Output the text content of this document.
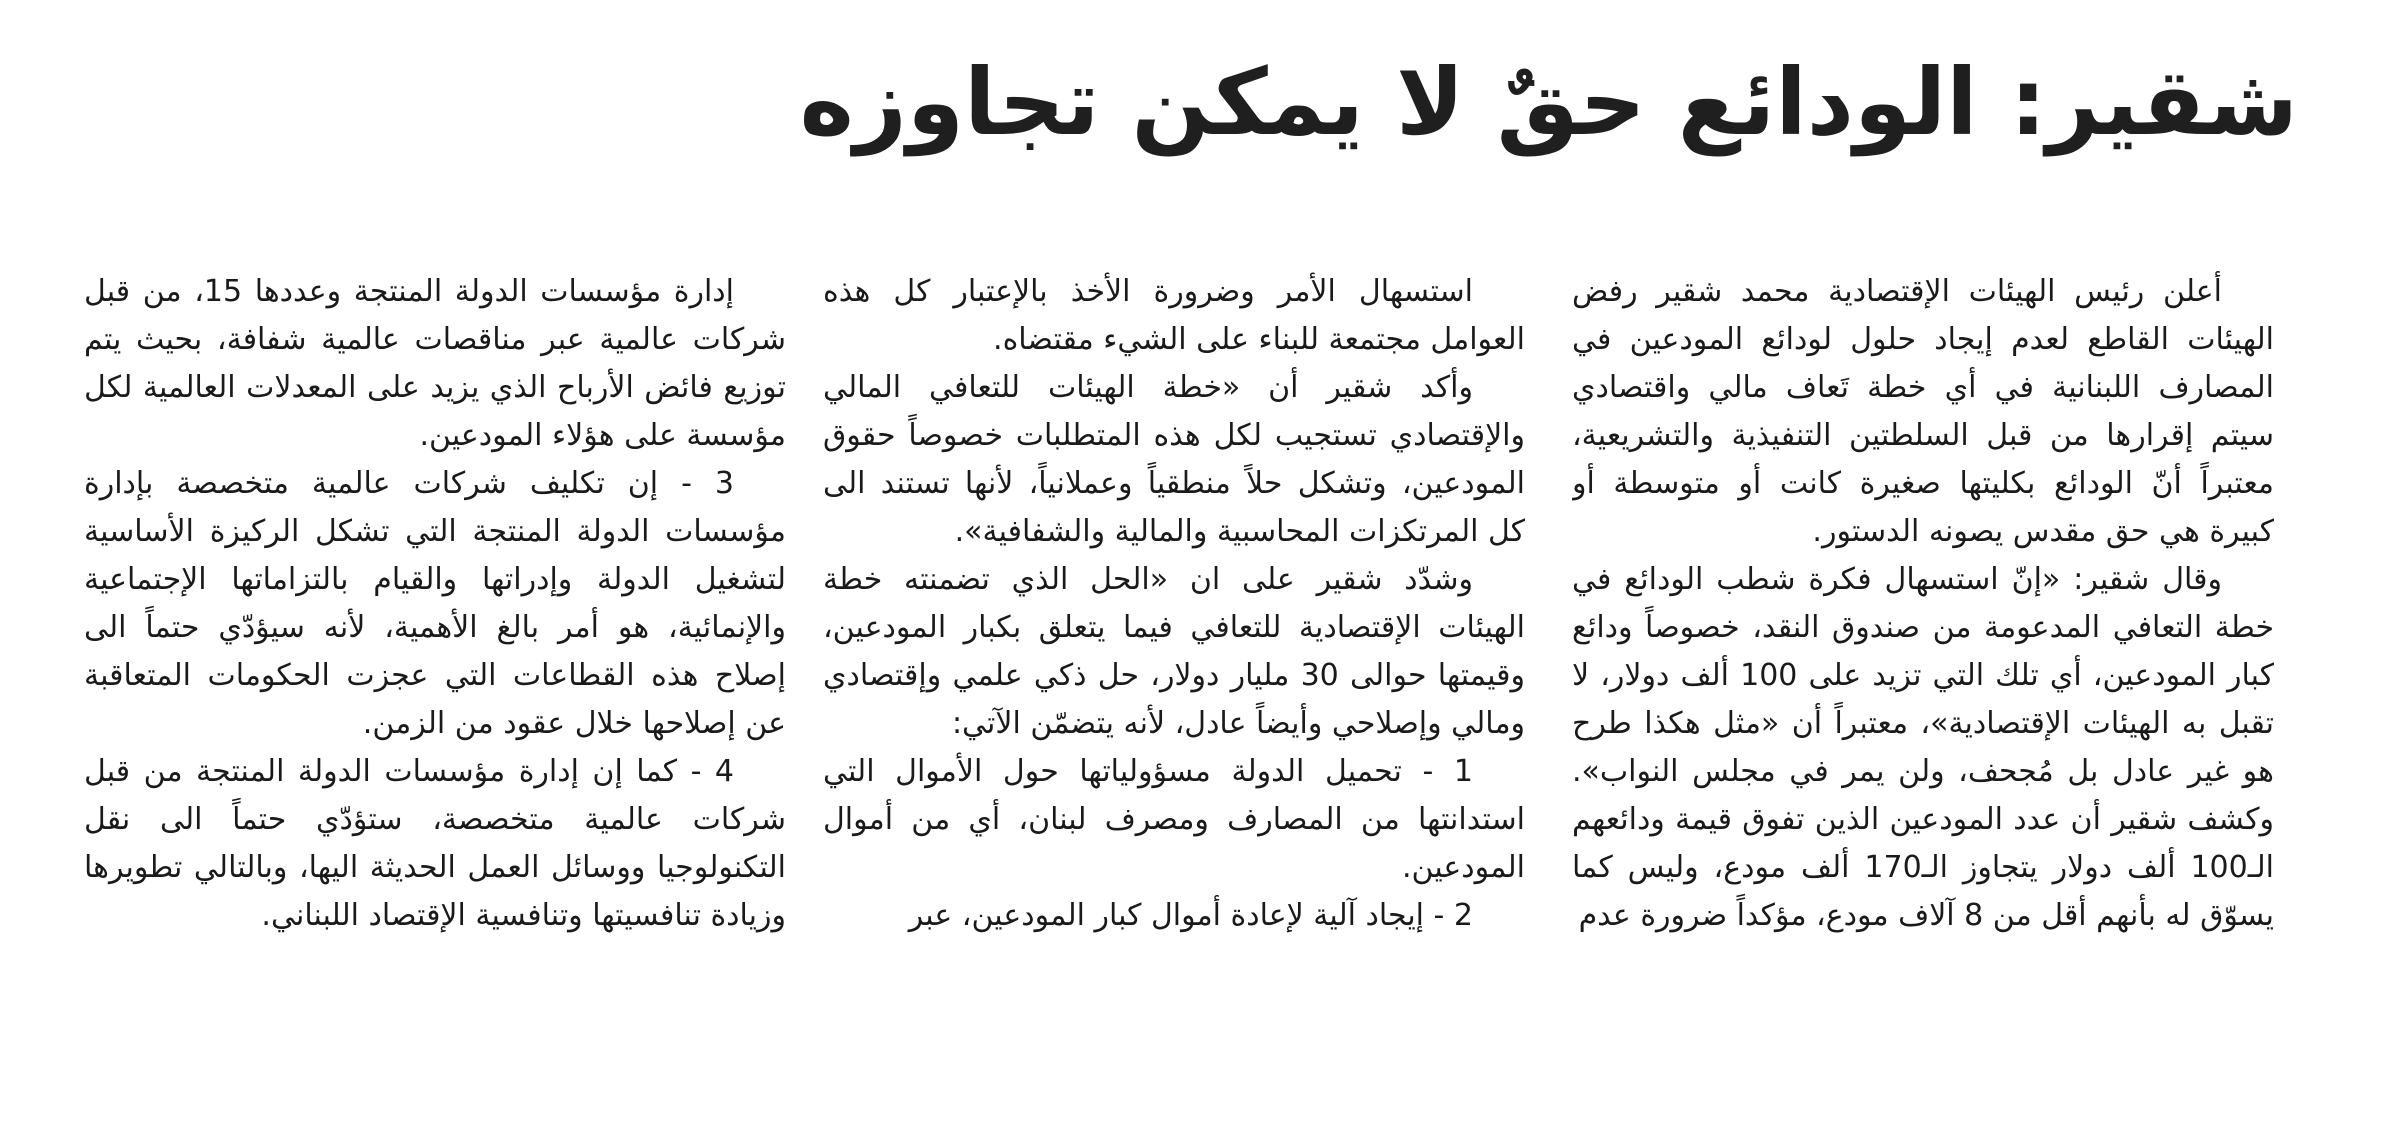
شقير: الودائع حقٌ لا يمكن تجاوزه

أعلن رئيس الهيئات الإقتصادية محمد شقير رفض الهيئات القاطع لعدم إيجاد حلول لودائع المودعين في المصارف اللبنانية في أي خطة تَعاف مالي واقتصادي سيتم إقرارها من قبل السلطتين التنفيذية والتشريعية، معتبراً أنّ الودائع بكليتها صغيرة كانت أو متوسطة أو كبيرة هي حق مقدس يصونه الدستور.

وقال شقير: «إنّ استسهال فكرة شطب الودائع في خطة التعافي المدعومة من صندوق النقد، خصوصاً ودائع كبار المودعين، أي تلك التي تزيد على 100 ألف دولار، لا تقبل به الهيئات الإقتصادية»، معتبراً أن «مثل هكذا طرح هو غير عادل بل مُجحف، ولن يمر في مجلس النواب». وكشف شقير أن عدد المودعين الذين تفوق قيمة ودائعهم الـ100 ألف دولار يتجاوز الـ170 ألف مودع، وليس كما يسوّق له بأنهم أقل من 8 آلاف مودع، مؤكداً ضرورة عدم

استسهال الأمر وضرورة الأخذ بالإعتبار كل هذه العوامل مجتمعة للبناء على الشيء مقتضاه.

وأكد شقير أن «خطة الهيئات للتعافي المالي والإقتصادي تستجيب لكل هذه المتطلبات خصوصاً حقوق المودعين، وتشكل حلاً منطقياً وعملانياً، لأنها تستند الى كل المرتكزات المحاسبية والمالية والشفافية».

وشدّد شقير على ان «الحل الذي تضمنته خطة الهيئات الإقتصادية للتعافي فيما يتعلق بكبار المودعين، وقيمتها حوالى 30 مليار دولار، حل ذكي علمي وإقتصادي ومالي وإصلاحي وأيضاً عادل، لأنه يتضمّن الآتي:

1 - تحميل الدولة مسؤولياتها حول الأموال التي استدانتها من المصارف ومصرف لبنان، أي من أموال المودعين.

2 - إيجاد آلية لإعادة أموال كبار المودعين، عبر

إدارة مؤسسات الدولة المنتجة وعددها 15، من قبل شركات عالمية عبر مناقصات عالمية شفافة، بحيث يتم توزيع فائض الأرباح الذي يزيد على المعدلات العالمية لكل مؤسسة على هؤلاء المودعين.

3 - إن تكليف شركات عالمية متخصصة بإدارة مؤسسات الدولة المنتجة التي تشكل الركيزة الأساسية لتشغيل الدولة وإدراتها والقيام بالتزاماتها الإجتماعية والإنمائية، هو أمر بالغ الأهمية، لأنه سيؤدّي حتماً الى إصلاح هذه القطاعات التي عجزت الحكومات المتعاقبة عن إصلاحها خلال عقود من الزمن.

4 - كما إن إدارة مؤسسات الدولة المنتجة من قبل شركات عالمية متخصصة، ستؤدّي حتماً الى نقل التكنولوجيا ووسائل العمل الحديثة اليها، وبالتالي تطويرها وزيادة تنافسيتها وتنافسية الإقتصاد اللبناني.
